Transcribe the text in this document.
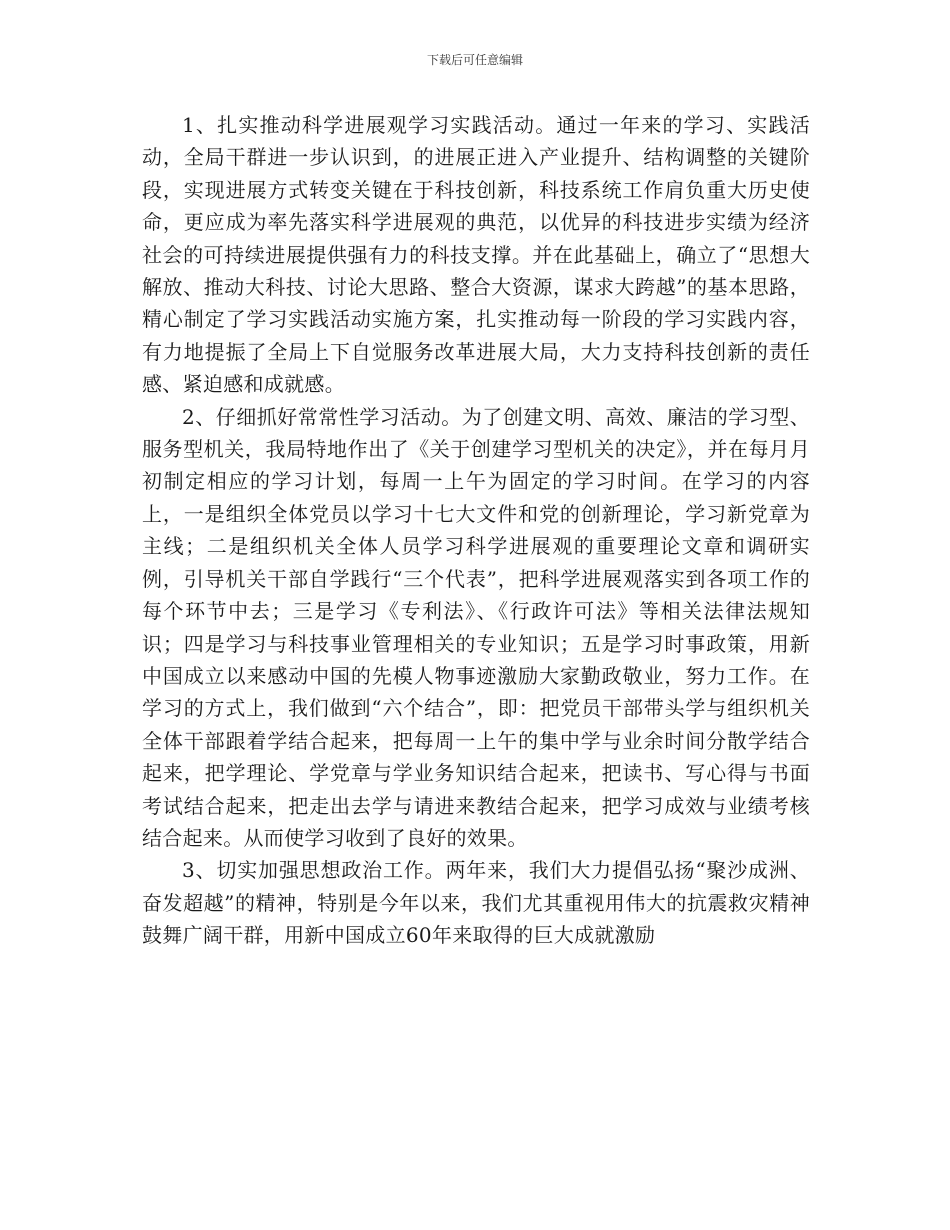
下载后可任意编辑

1、扎实推动科学进展观学习实践活动。通过一年来的学习、实践活动，全局干群进一步认识到，的进展正进入产业提升、结构调整的关键阶段，实现进展方式转变关键在于科技创新，科技系统工作肩负重大历史使命，更应成为率先落实科学进展观的典范，以优异的科技进步实绩为经济社会的可持续进展提供强有力的科技支撑。并在此基础上，确立了“思想大解放、推动大科技、讨论大思路、整合大资源，谋求大跨越”的基本思路，精心制定了学习实践活动实施方案，扎实推动每一阶段的学习实践内容，有力地提振了全局上下自觉服务改革进展大局，大力支持科技创新的责任感、紧迫感和成就感。

2、仔细抓好常常性学习活动。为了创建文明、高效、廉洁的学习型、服务型机关，我局特地作出了《关于创建学习型机关的决定》，并在每月月初制定相应的学习计划，每周一上午为固定的学习时间。在学习的内容上，一是组织全体党员以学习十七大文件和党的创新理论，学习新党章为主线；二是组织机关全体人员学习科学进展观的重要理论文章和调研实例，引导机关干部自学践行“三个代表”，把科学进展观落实到各项工作的每个环节中去；三是学习《专利法》、《行政许可法》等相关法律法规知识；四是学习与科技事业管理相关的专业知识；五是学习时事政策，用新中国成立以来感动中国的先模人物事迹激励大家勤政敬业，努力工作。在学习的方式上，我们做到“六个结合”，即：把党员干部带头学与组织机关全体干部跟着学结合起来，把每周一上午的集中学与业余时间分散学结合起来，把学理论、学党章与学业务知识结合起来，把读书、写心得与书面考试结合起来，把走出去学与请进来教结合起来，把学习成效与业绩考核结合起来。从而使学习收到了良好的效果。

3、切实加强思想政治工作。两年来，我们大力提倡弘扬“聚沙成洲、奋发超越”的精神，特别是今年以来，我们尤其重视用伟大的抗震救灾精神鼓舞广阔干群，用新中国成立60年来取得的巨大成就激励
